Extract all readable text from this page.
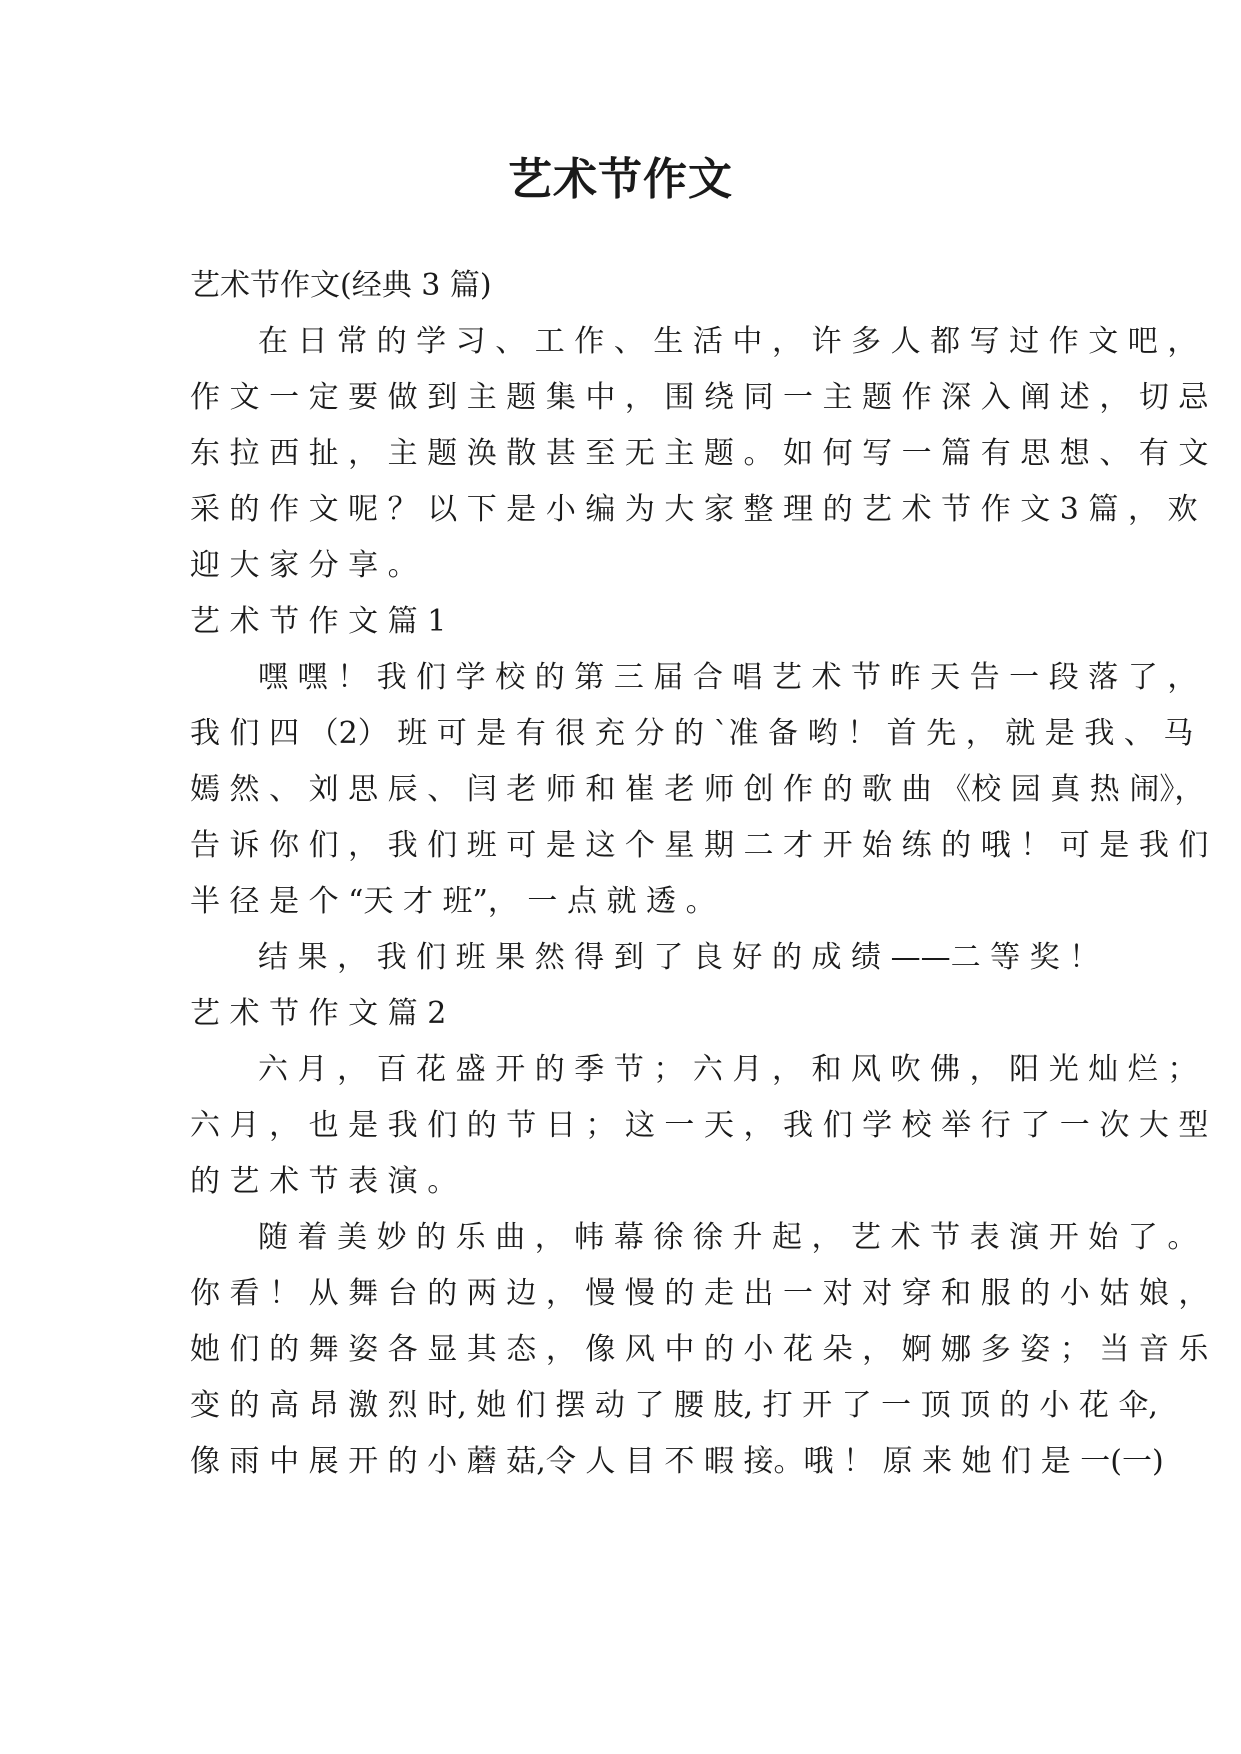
艺术节作文
艺术节作文(经典 3 篇)
在 日 常 的 学 习 、 工 作 、 生 活 中 ， 许 多 人 都 写 过 作 文 吧 ，
作 文 一 定 要 做 到 主 题 集 中 ， 围 绕 同 一 主 题 作 深 入 阐 述 ， 切 忌
东 拉 西 扯 ， 主 题 涣 散 甚 至 无 主 题 。 如 何 写 一 篇 有 思 想 、 有 文
采 的 作 文 呢 ？ 以 下 是 小 编 为 大 家 整 理 的 艺 术 节 作 文 3 篇 ， 欢
迎 大 家 分 享 。
艺 术 节 作 文 篇 1
嘿 嘿 ！ 我 们 学 校 的 第 三 届 合 唱 艺 术 节 昨 天 告 一 段 落 了 ，
我 们 四 （2） 班 可 是 有 很 充 分 的 `准 备 哟 ！ 首 先 ， 就 是 我 、 马
嫣 然 、 刘 思 辰 、 闫 老 师 和 崔 老 师 创 作 的 歌 曲 《校 园 真 热 闹》，
告 诉 你 们 ， 我 们 班 可 是 这 个 星 期 二 才 开 始 练 的 哦 ！ 可 是 我 们
半 径 是 个 “天 才 班”， 一 点 就 透 。
结 果 ， 我 们 班 果 然 得 到 了 良 好 的 成 绩 ——二 等 奖 ！
艺 术 节 作 文 篇 2
六 月 ， 百 花 盛 开 的 季 节 ； 六 月 ， 和 风 吹 佛 ， 阳 光 灿 烂 ；
六 月 ， 也 是 我 们 的 节 日 ； 这 一 天 ， 我 们 学 校 举 行 了 一 次 大 型
的 艺 术 节 表 演 。
随 着 美 妙 的 乐 曲 ， 帏 幕 徐 徐 升 起 ， 艺 术 节 表 演 开 始 了 。
你 看 ！ 从 舞 台 的 两 边 ， 慢 慢 的 走 出 一 对 对 穿 和 服 的 小 姑 娘 ，
她 们 的 舞 姿 各 显 其 态 ， 像 风 中 的 小 花 朵 ， 婀 娜 多 姿 ； 当 音 乐
变 的 高 昂 激 烈 时, 她 们 摆 动 了 腰 肢, 打 开 了 一 顶 顶 的 小 花 伞,
像 雨 中 展 开 的 小 蘑 菇,令 人 目 不 暇 接。哦 ！ 原 来 她 们 是 一(一)
